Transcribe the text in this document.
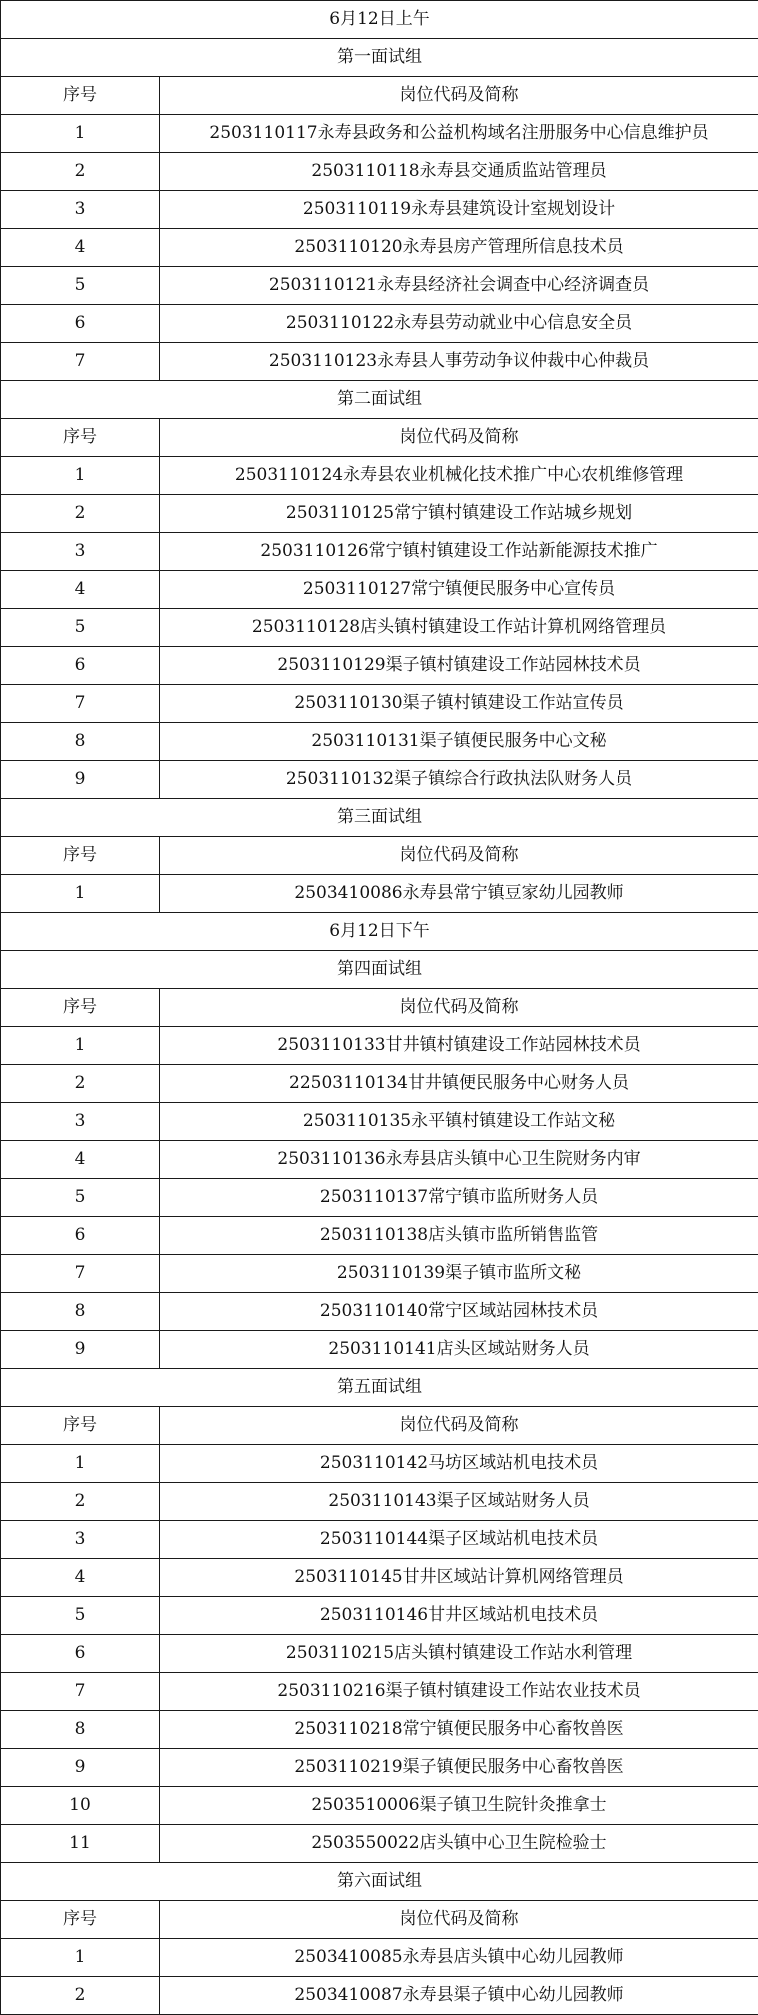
6月12日上午	
第一面试组	
序号	岗位代码及简称
1	2503110117永寿县政务和公益机构域名注册服务中心信息维护员
2	2503110118永寿县交通质监站管理员
3	2503110119永寿县建筑设计室规划设计
4	2503110120永寿县房产管理所信息技术员
5	2503110121永寿县经济社会调查中心经济调查员
6	2503110122永寿县劳动就业中心信息安全员
7	2503110123永寿县人事劳动争议仲裁中心仲裁员
第二面试组	
序号	岗位代码及简称
1	2503110124永寿县农业机械化技术推广中心农机维修管理
2	2503110125常宁镇村镇建设工作站城乡规划
3	2503110126常宁镇村镇建设工作站新能源技术推广
4	2503110127常宁镇便民服务中心宣传员
5	2503110128店头镇村镇建设工作站计算机网络管理员
6	2503110129渠子镇村镇建设工作站园林技术员
7	2503110130渠子镇村镇建设工作站宣传员
8	2503110131渠子镇便民服务中心文秘
9	2503110132渠子镇综合行政执法队财务人员
第三面试组	
序号	岗位代码及简称
1	2503410086永寿县常宁镇豆家幼儿园教师
6月12日下午	
第四面试组	
序号	岗位代码及简称
1	2503110133甘井镇村镇建设工作站园林技术员
2	22503110134甘井镇便民服务中心财务人员
3	2503110135永平镇村镇建设工作站文秘
4	2503110136永寿县店头镇中心卫生院财务内审
5	2503110137常宁镇市监所财务人员
6	2503110138店头镇市监所销售监管
7	2503110139渠子镇市监所文秘
8	2503110140常宁区域站园林技术员
9	2503110141店头区域站财务人员
第五面试组	
序号	岗位代码及简称
1	2503110142马坊区域站机电技术员
2	2503110143渠子区域站财务人员
3	2503110144渠子区域站机电技术员
4	2503110145甘井区域站计算机网络管理员
5	2503110146甘井区域站机电技术员
6	2503110215店头镇村镇建设工作站水利管理
7	2503110216渠子镇村镇建设工作站农业技术员
8	2503110218常宁镇便民服务中心畜牧兽医
9	2503110219渠子镇便民服务中心畜牧兽医
10	2503510006渠子镇卫生院针灸推拿士
11	2503550022店头镇中心卫生院检验士
第六面试组	
序号	岗位代码及简称
1	2503410085永寿县店头镇中心幼儿园教师
2	2503410087永寿县渠子镇中心幼儿园教师
